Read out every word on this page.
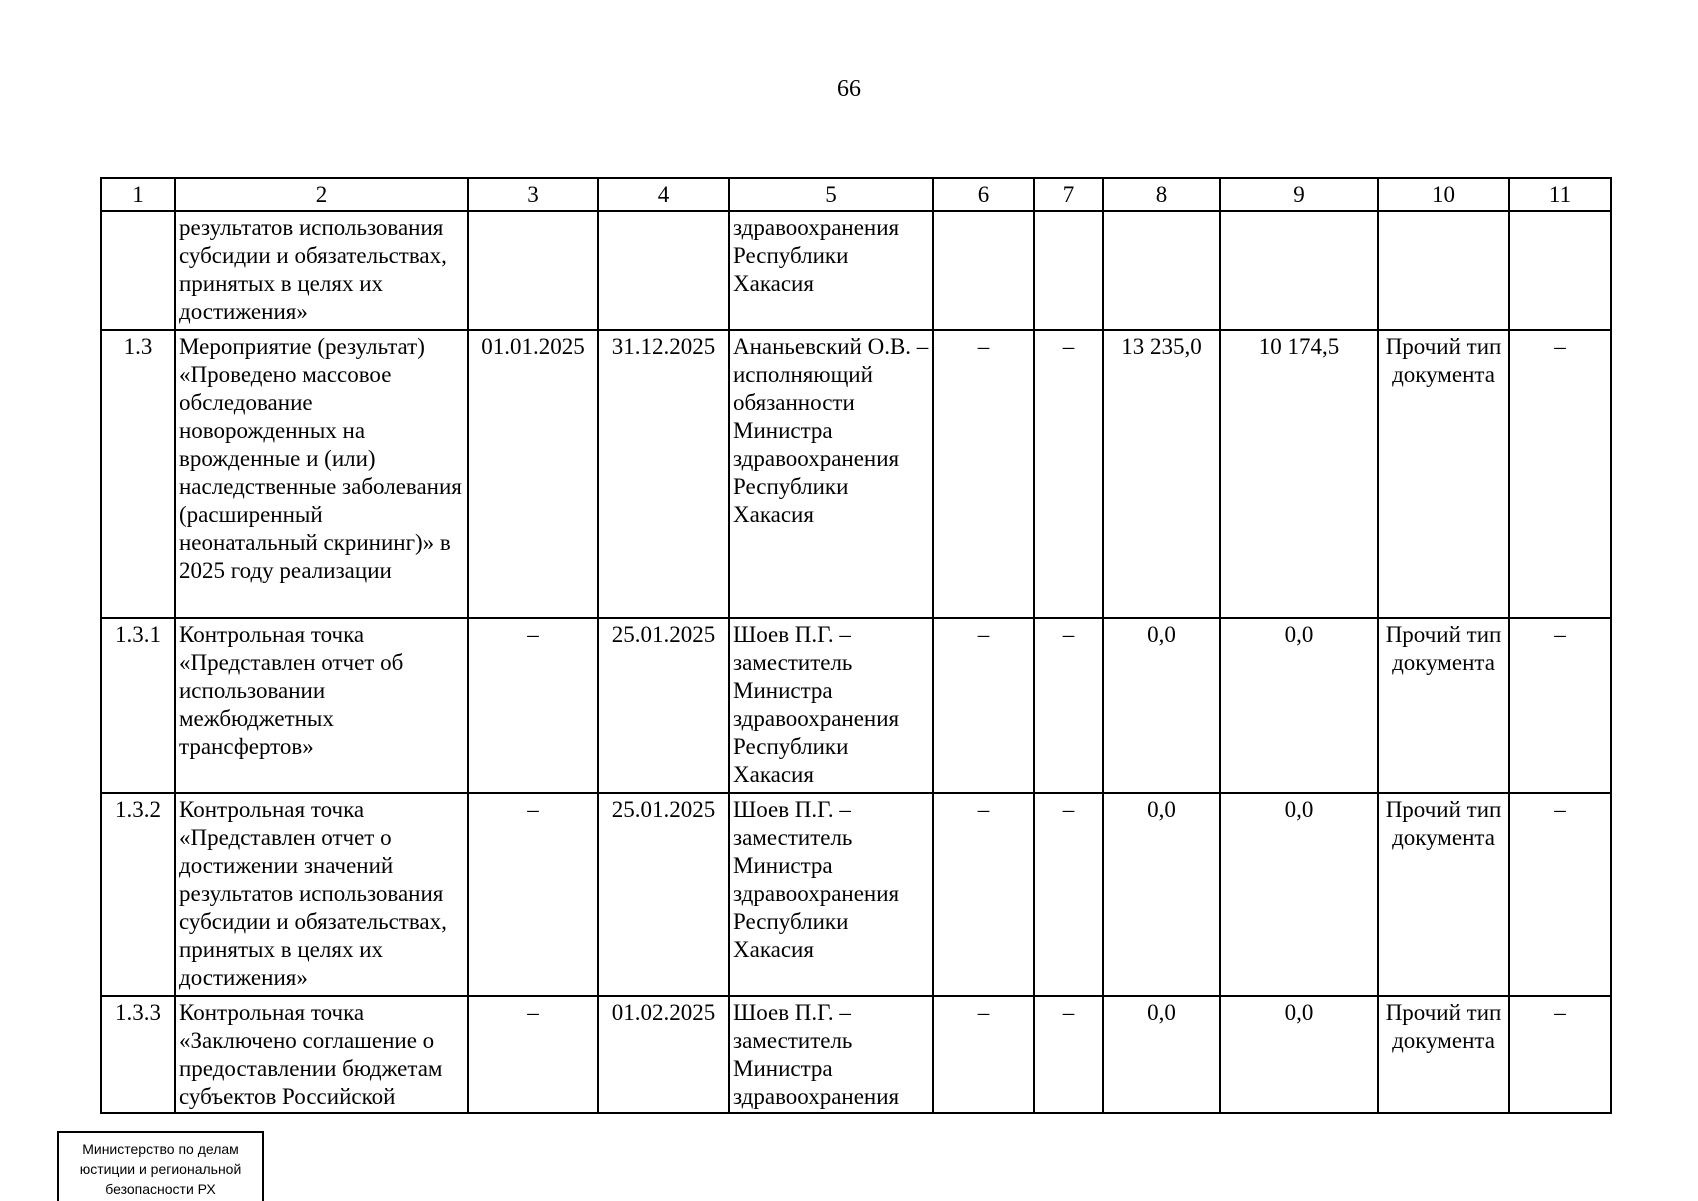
66
1	2	3	4	5	6	7	8	9	10	11
	результатов использования субсидии и обязательствах, принятых в целях их достижения»			здравоохранения Республики Хакасия						
1.3	Мероприятие (результат) «Проведено массовое обследование новорожденных на врожденные и (или) наследственные заболевания (расширенный неонатальный скрининг)» в 2025 году реализации	01.01.2025	31.12.2025	Ананьевский О.В. – исполняющий обязанности Министра здравоохранения Республики Хакасия	–	–	13 235,0	10 174,5	Прочий тип документа	–
1.3.1	Контрольная точка «Представлен отчет об использовании межбюджетных трансфертов»	–	25.01.2025	Шоев П.Г. – заместитель Министра здравоохранения Республики Хакасия	–	–	0,0	0,0	Прочий тип документа	–
1.3.2	Контрольная точка «Представлен отчет о достижении значений результатов использования субсидии и обязательствах, принятых в целях их достижения»	–	25.01.2025	Шоев П.Г. – заместитель Министра здравоохранения Республики Хакасия	–	–	0,0	0,0	Прочий тип документа	–
1.3.3	Контрольная точка «Заключено соглашение о предоставлении бюджетам субъектов Российской	–	01.02.2025	Шоев П.Г. – заместитель Министра здравоохранения	–	–	0,0	0,0	Прочий тип документа	–
Министерство по делам
юстиции и региональной
безопасности РХ
